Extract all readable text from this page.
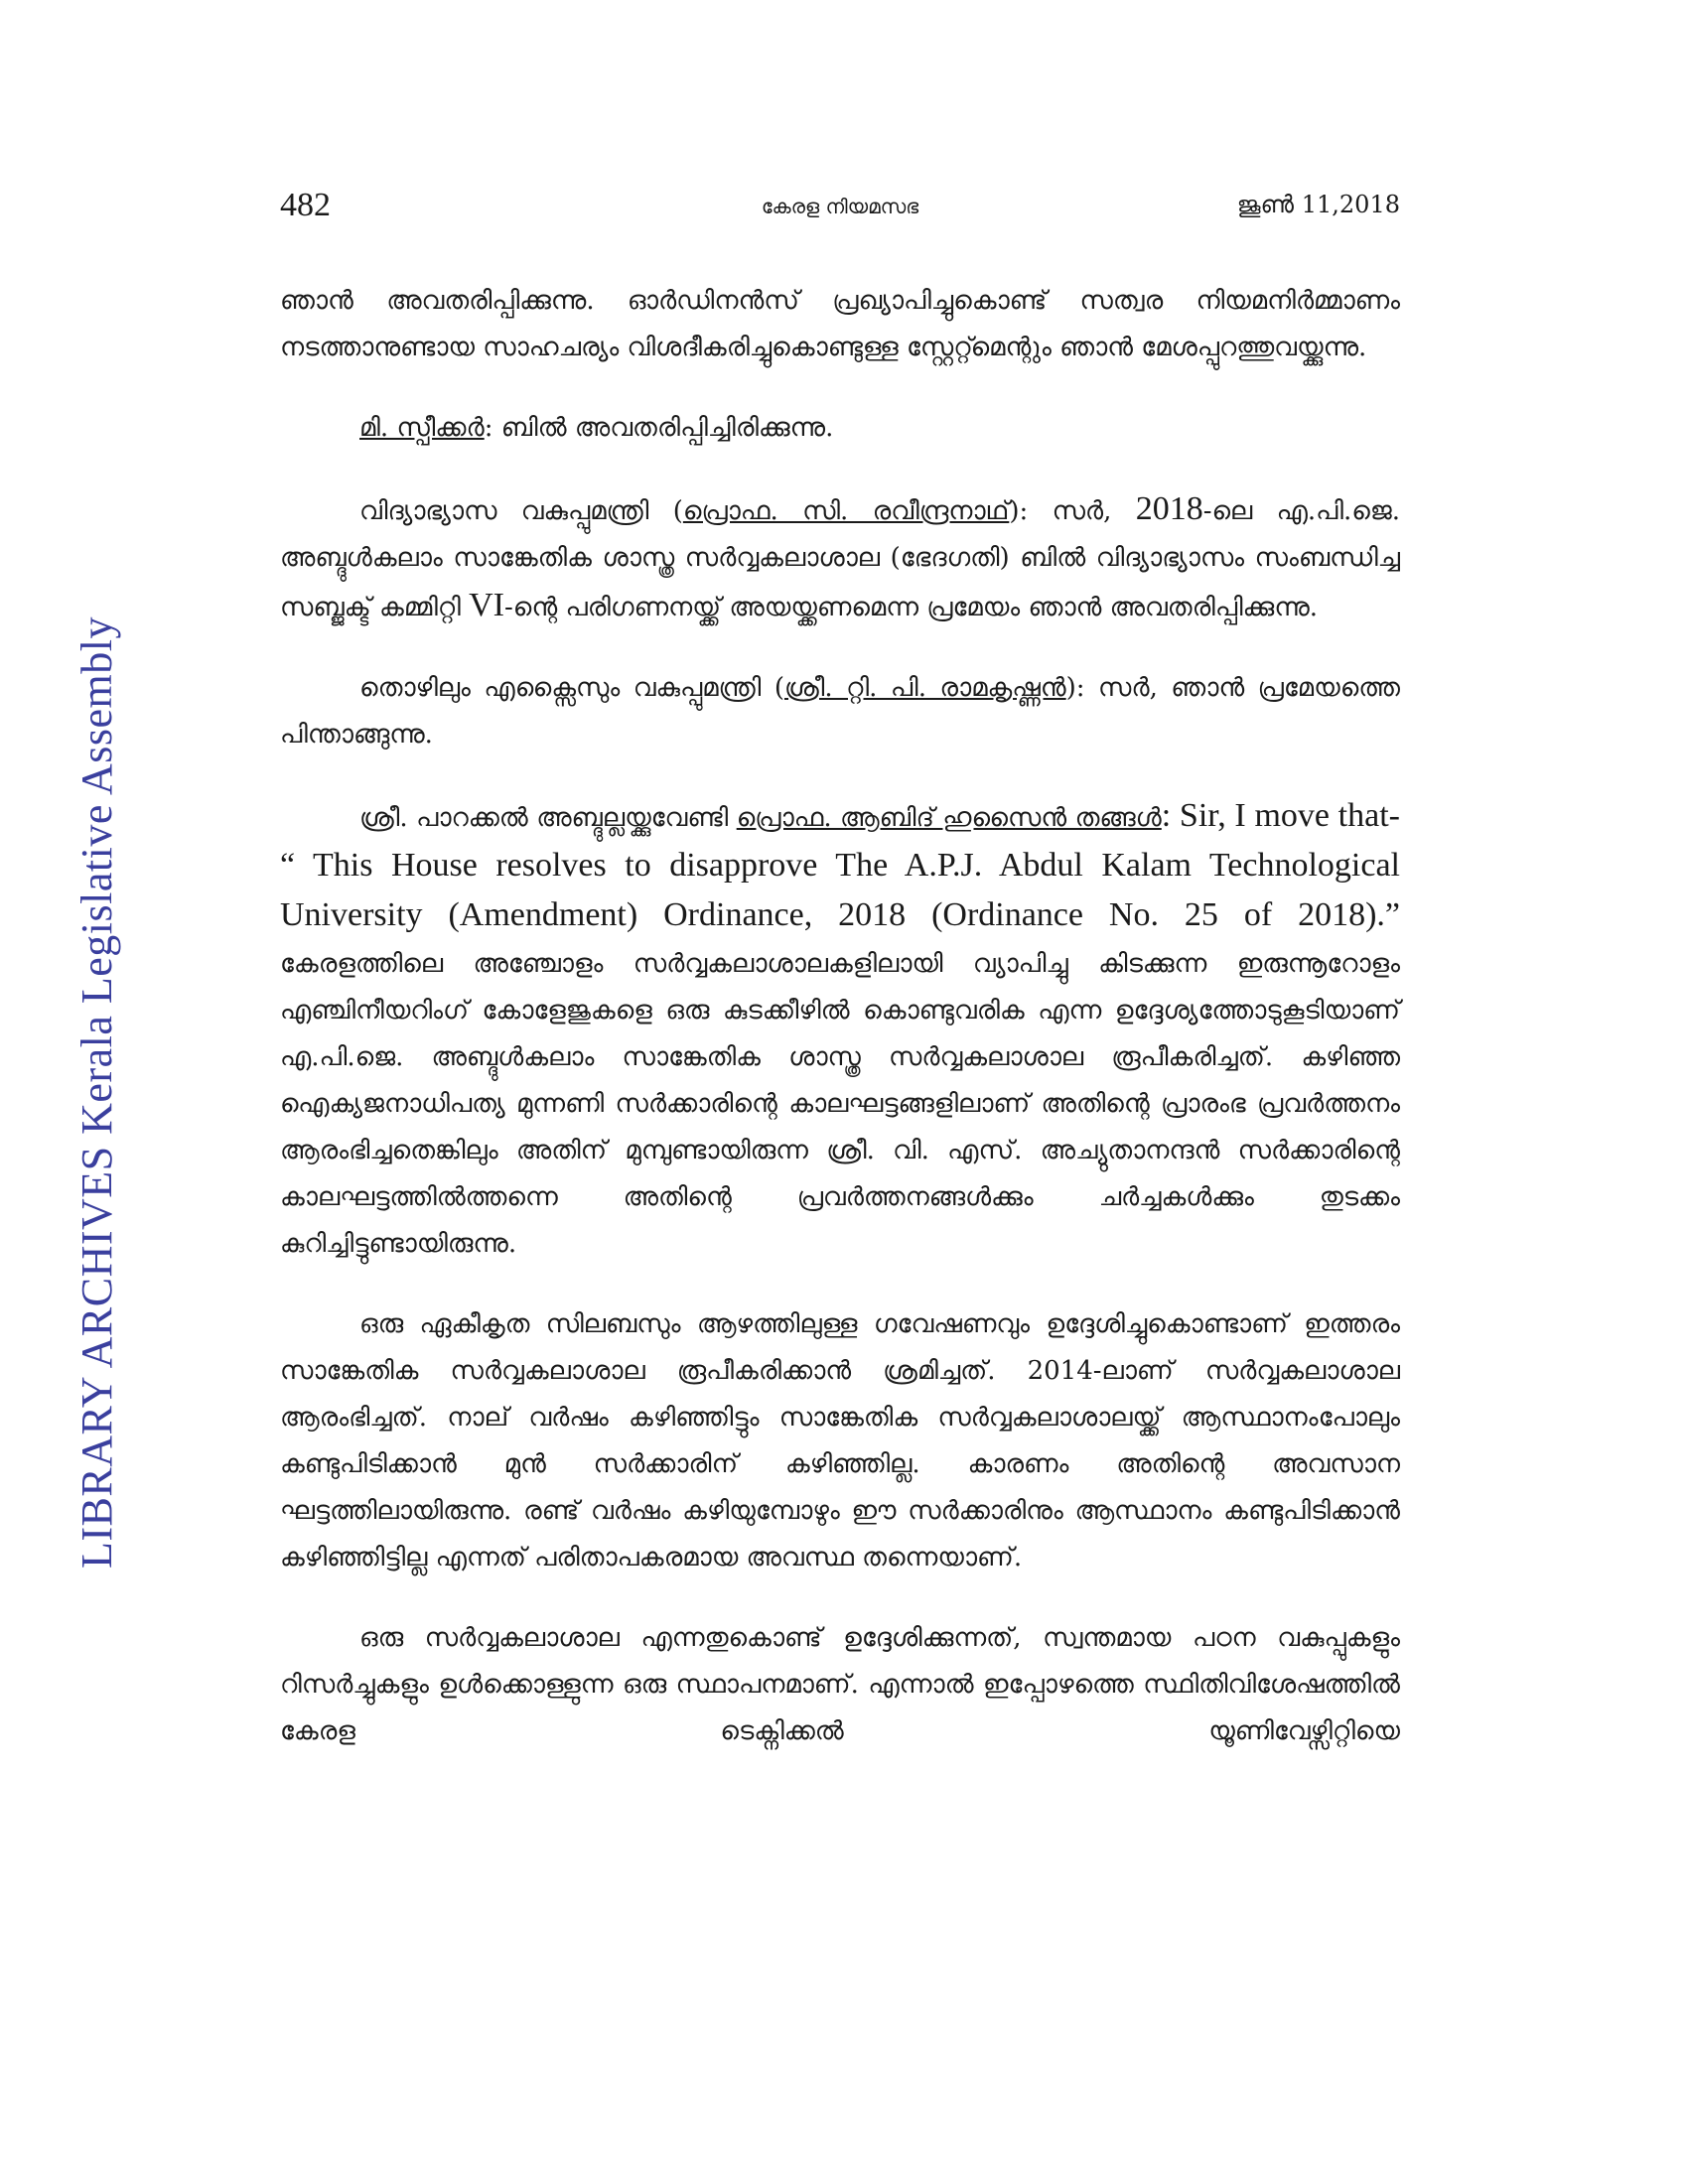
LIBRARY ARCHIVES Kerala Legislative Assembly
482	കേരള നിയമസഭ	ജൂൺ 11,2018

ഞാൻ അവതരിപ്പിക്കുന്നു. ഓർഡിനൻസ് പ്രഖ്യാപിച്ചുകൊണ്ട് സത്വര നിയമനിർമ്മാണം നടത്താനുണ്ടായ സാഹചര്യം വിശദീകരിച്ചുകൊണ്ടുള്ള സ്റ്റേറ്റ്മെന്റും ഞാൻ മേശപ്പുറത്തുവയ്ക്കുന്നു.

മി. സ്പീക്കർ: ബിൽ അവതരിപ്പിച്ചിരിക്കുന്നു.

വിദ്യാഭ്യാസ വകുപ്പുമന്ത്രി (പ്രൊഫ. സി. രവീന്ദ്രനാഥ്): സർ, 2018-ലെ എ.പി.ജെ. അബ്ദുൾകലാം സാങ്കേതിക ശാസ്ത്ര സർവ്വകലാശാല (ഭേദഗതി) ബിൽ വിദ്യാഭ്യാസം സംബന്ധിച്ച സബ്ജക്ട് കമ്മിറ്റി VI-ന്റെ പരിഗണനയ്ക്ക് അയയ്ക്കണമെന്ന പ്രമേയം ഞാൻ അവതരിപ്പിക്കുന്നു.

തൊഴിലും എക്സൈസും വകുപ്പുമന്ത്രി (ശ്രീ. റ്റി. പി. രാമകൃഷ്ണൻ): സർ, ഞാൻ പ്രമേയത്തെ പിന്താങ്ങുന്നു.

ശ്രീ. പാറക്കൽ അബ്ദുല്ലയ്ക്കുവേണ്ടി പ്രൊഫ. ആബിദ് ഹുസൈൻ തങ്ങൾ: Sir, I move that- “ This House resolves to disapprove The A.P.J. Abdul Kalam Technological University (Amendment) Ordinance, 2018 (Ordinance No. 25 of 2018).” കേരളത്തിലെ അഞ്ചോളം സർവ്വകലാശാലകളിലായി വ്യാപിച്ചു കിടക്കുന്ന ഇരുന്നൂറോളം എഞ്ചിനീയറിംഗ് കോളേജുകളെ ഒരു കുടക്കീഴിൽ കൊണ്ടുവരിക എന്ന ഉദ്ദേശ്യത്തോടുകൂടിയാണ് എ.പി.ജെ. അബ്ദുൾകലാം സാങ്കേതിക ശാസ്ത്ര സർവ്വകലാശാല രൂപീകരിച്ചത്. കഴിഞ്ഞ ഐക്യജനാധിപത്യ മുന്നണി സർക്കാരിന്റെ കാലഘട്ടങ്ങളിലാണ് അതിന്റെ പ്രാരംഭ പ്രവർത്തനം ആരംഭിച്ചതെങ്കിലും അതിന് മുമ്പുണ്ടായിരുന്ന ശ്രീ. വി. എസ്. അച്യുതാനന്ദൻ സർക്കാരിന്റെ കാലഘട്ടത്തിൽത്തന്നെ അതിന്റെ പ്രവർത്തനങ്ങൾക്കും ചർച്ചകൾക്കും തുടക്കം കുറിച്ചിട്ടുണ്ടായിരുന്നു.

ഒരു ഏകീകൃത സിലബസും ആഴത്തിലുള്ള ഗവേഷണവും ഉദ്ദേശിച്ചുകൊണ്ടാണ് ഇത്തരം സാങ്കേതിക സർവ്വകലാശാല രൂപീകരിക്കാൻ ശ്രമിച്ചത്. 2014-ലാണ് സർവ്വകലാശാല ആരംഭിച്ചത്. നാല് വർഷം കഴിഞ്ഞിട്ടും സാങ്കേതിക സർവ്വകലാശാലയ്ക്ക് ആസ്ഥാനംപോലും കണ്ടുപിടിക്കാൻ മുൻ സർക്കാരിന് കഴിഞ്ഞില്ല. കാരണം അതിന്റെ അവസാന ഘട്ടത്തിലായിരുന്നു. രണ്ട് വർഷം കഴിയുമ്പോഴും ഈ സർക്കാരിനും ആസ്ഥാനം കണ്ടുപിടിക്കാൻ കഴിഞ്ഞിട്ടില്ല എന്നത് പരിതാപകരമായ അവസ്ഥ തന്നെയാണ്.

ഒരു സർവ്വകലാശാല എന്നതുകൊണ്ട് ഉദ്ദേശിക്കുന്നത്, സ്വന്തമായ പഠന വകുപ്പുകളും റിസർച്ചുകളും ഉൾക്കൊള്ളുന്ന ഒരു സ്ഥാപനമാണ്. എന്നാൽ ഇപ്പോഴത്തെ സ്ഥിതിവിശേഷത്തിൽ കേരള ടെക്നിക്കൽ യൂണിവേഴ്സിറ്റിയെ
